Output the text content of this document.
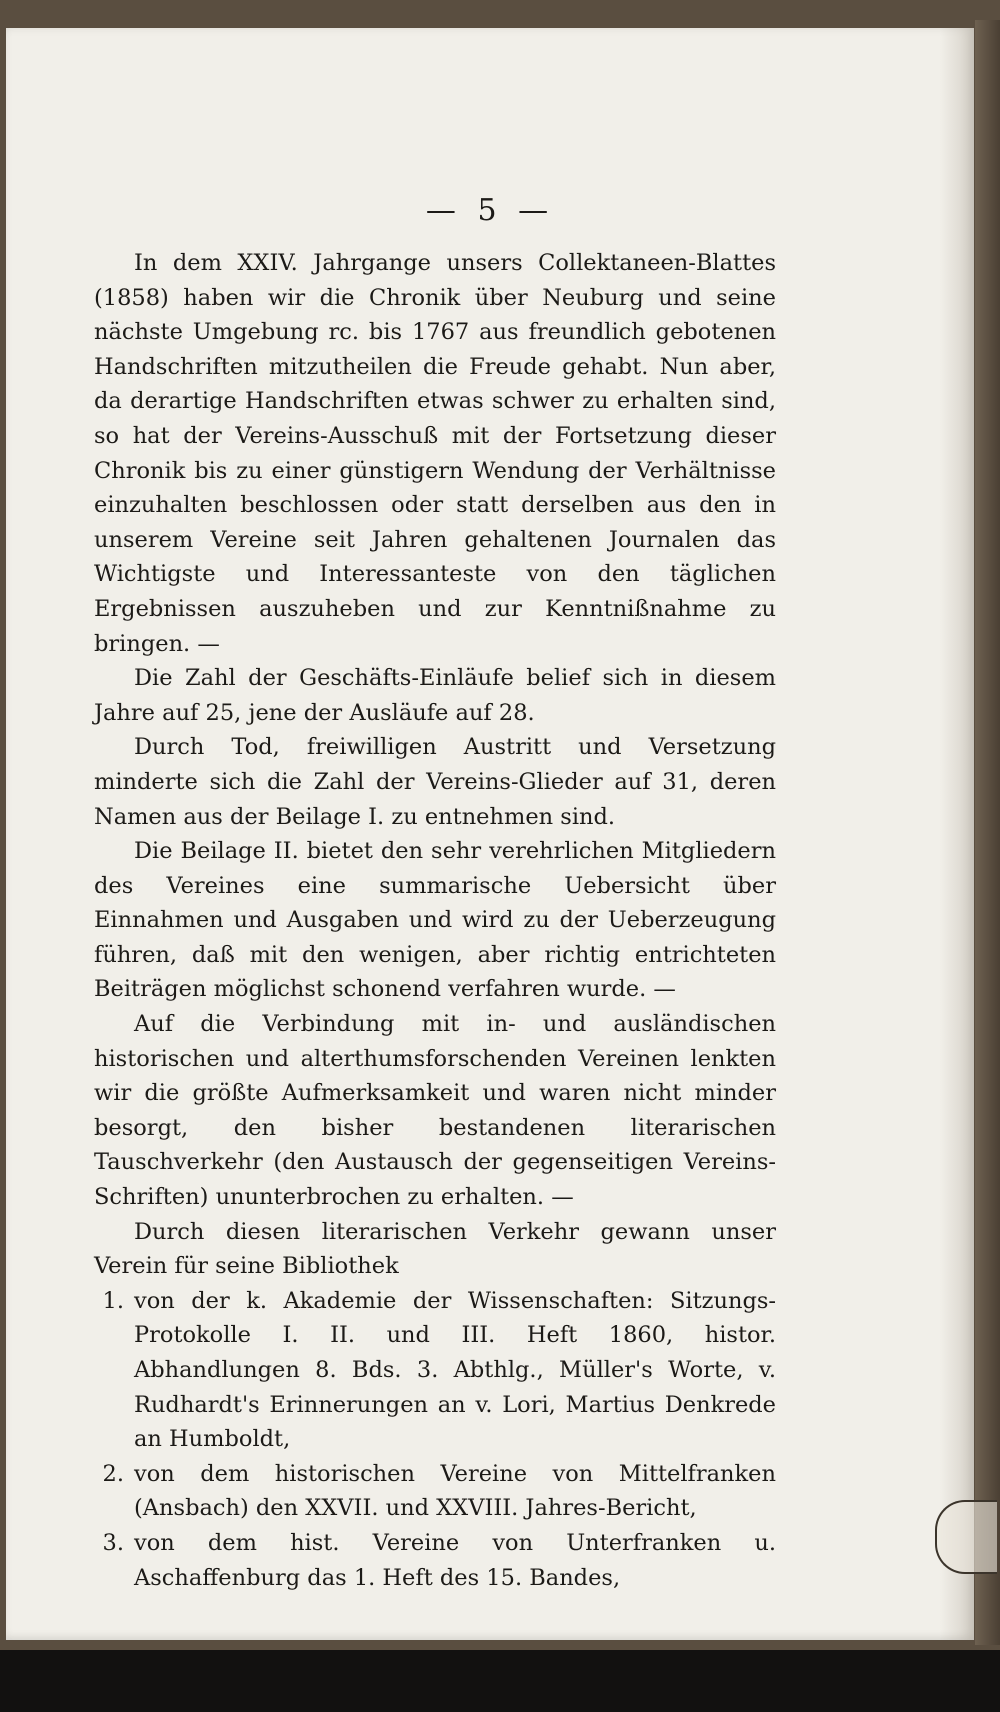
— 5 —

In dem XXIV. Jahrgange unsers Collektaneen-Blattes (1858) haben wir die Chronik über Neuburg und seine nächste Umgebung rc. bis 1767 aus freundlich gebotenen Handschriften mitzutheilen die Freude gehabt. Nun aber, da derartige Handschriften etwas schwer zu erhalten sind, so hat der Vereins-Ausschuß mit der Fortsetzung dieser Chronik bis zu einer günstigern Wendung der Verhältnisse einzuhalten beschlossen oder statt derselben aus den in unserem Vereine seit Jahren gehaltenen Journalen das Wichtigste und Interessanteste von den täglichen Ergebnissen auszuheben und zur Kenntnißnahme zu bringen. —

Die Zahl der Geschäfts-Einläufe belief sich in diesem Jahre auf 25, jene der Ausläufe auf 28.

Durch Tod, freiwilligen Austritt und Versetzung minderte sich die Zahl der Vereins-Glieder auf 31, deren Namen aus der Beilage I. zu entnehmen sind.

Die Beilage II. bietet den sehr verehrlichen Mitgliedern des Vereines eine summarische Uebersicht über Einnahmen und Ausgaben und wird zu der Ueberzeugung führen, daß mit den wenigen, aber richtig entrichteten Beiträgen möglichst schonend verfahren wurde. —

Auf die Verbindung mit in- und ausländischen historischen und alterthumsforschenden Vereinen lenkten wir die größte Aufmerksamkeit und waren nicht minder besorgt, den bisher bestandenen literarischen Tauschverkehr (den Austausch der gegenseitigen Vereins-Schriften) ununterbrochen zu erhalten. —

Durch diesen literarischen Verkehr gewann unser Verein für seine Bibliothek

1. von der k. Akademie der Wissenschaften: Sitzungs-Protokolle I. II. und III. Heft 1860, histor. Abhandlungen 8. Bds. 3. Abthlg., Müller's Worte, v. Rudhardt's Erinnerungen an v. Lori, Martius Denkrede an Humboldt,
2. von dem historischen Vereine von Mittelfranken (Ansbach) den XXVII. und XXVIII. Jahres-Bericht,
3. von dem hist. Vereine von Unterfranken u. Aschaffenburg das 1. Heft des 15. Bandes,
